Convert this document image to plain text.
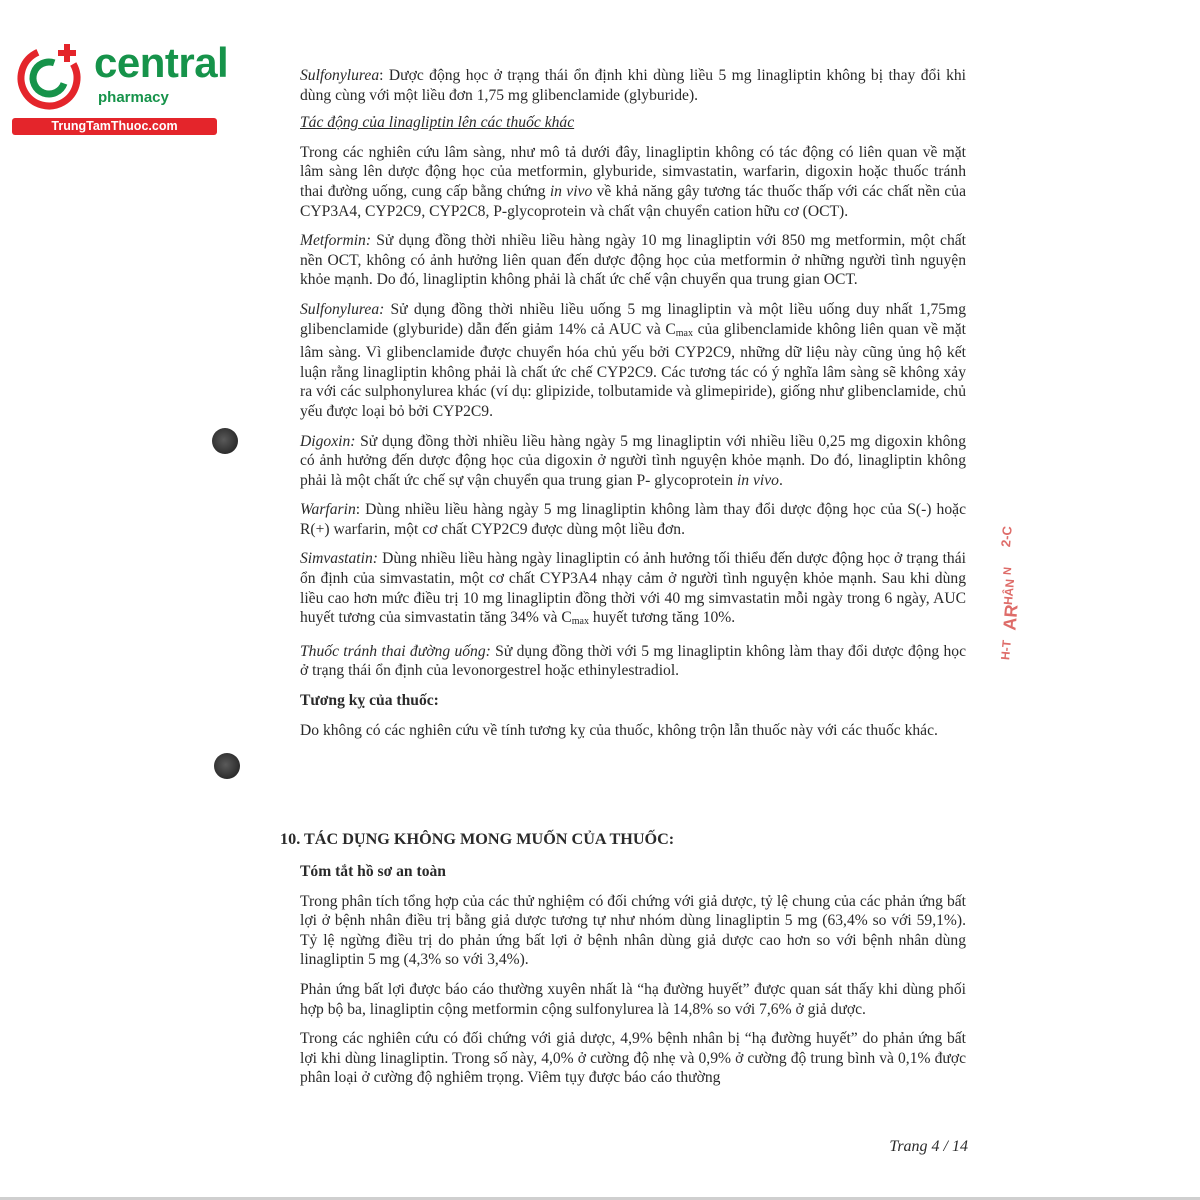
central
pharmacy
TrungTamThuoc.com
2-C
N
HÂN
AR
H-T

Sulfonylurea: Dược động học ở trạng thái ổn định khi dùng liều 5 mg linagliptin không bị thay đổi khi dùng cùng với một liều đơn 1,75 mg glibenclamide (glyburide).

Tác động của linagliptin lên các thuốc khác

Trong các nghiên cứu lâm sàng, như mô tả dưới đây, linagliptin không có tác động có liên quan về mặt lâm sàng lên dược động học của metformin, glyburide, simvastatin, warfarin, digoxin hoặc thuốc tránh thai đường uống, cung cấp bằng chứng in vivo về khả năng gây tương tác thuốc thấp với các chất nền của CYP3A4, CYP2C9, CYP2C8, P-glycoprotein và chất vận chuyển cation hữu cơ (OCT).

Metformin: Sử dụng đồng thời nhiều liều hàng ngày 10 mg linagliptin với 850 mg metformin, một chất nền OCT, không có ảnh hưởng liên quan đến dược động học của metformin ở những người tình nguyện khỏe mạnh. Do đó, linagliptin không phải là chất ức chế vận chuyển qua trung gian OCT.

Sulfonylurea: Sử dụng đồng thời nhiều liều uống 5 mg linagliptin và một liều uống duy nhất 1,75mg glibenclamide (glyburide) dẫn đến giảm 14% cả AUC và $C_{max}$ của glibenclamide không liên quan về mặt lâm sàng. Vì glibenclamide được chuyển hóa chủ yếu bởi CYP2C9, những dữ liệu này cũng ủng hộ kết luận rằng linagliptin không phải là chất ức chế CYP2C9. Các tương tác có ý nghĩa lâm sàng sẽ không xảy ra với các sulphonylurea khác (ví dụ: glipizide, tolbutamide và glimepiride), giống như glibenclamide, chủ yếu được loại bỏ bởi CYP2C9.

Digoxin: Sử dụng đồng thời nhiều liều hàng ngày 5 mg linagliptin với nhiều liều 0,25 mg digoxin không có ảnh hưởng đến dược động học của digoxin ở người tình nguyện khỏe mạnh. Do đó, linagliptin không phải là một chất ức chế sự vận chuyển qua trung gian P- glycoprotein in vivo.

Warfarin: Dùng nhiều liều hàng ngày 5 mg linagliptin không làm thay đổi dược động học của S(-) hoặc R(+) warfarin, một cơ chất CYP2C9 được dùng một liều đơn.

Simvastatin: Dùng nhiều liều hàng ngày linagliptin có ảnh hưởng tối thiểu đến dược động học ở trạng thái ổn định của simvastatin, một cơ chất CYP3A4 nhạy cảm ở người tình nguyện khỏe mạnh. Sau khi dùng liều cao hơn mức điều trị 10 mg linagliptin đồng thời với 40 mg simvastatin mỗi ngày trong 6 ngày, AUC huyết tương của simvastatin tăng 34% và $C_{max}$ huyết tương tăng 10%.

Thuốc tránh thai đường uống: Sử dụng đồng thời với 5 mg linagliptin không làm thay đổi dược động học ở trạng thái ổn định của levonorgestrel hoặc ethinylestradiol.

Tương kỵ của thuốc:

Do không có các nghiên cứu về tính tương kỵ của thuốc, không trộn lẫn thuốc này với các thuốc khác.

10. TÁC DỤNG KHÔNG MONG MUỐN CỦA THUỐC:

Tóm tắt hồ sơ an toàn

Trong phân tích tổng hợp của các thử nghiệm có đối chứng với giả dược, tỷ lệ chung của các phản ứng bất lợi ở bệnh nhân điều trị bằng giả dược tương tự như nhóm dùng linagliptin 5 mg (63,4% so với 59,1%). Tỷ lệ ngừng điều trị do phản ứng bất lợi ở bệnh nhân dùng giả dược cao hơn so với bệnh nhân dùng linagliptin 5 mg (4,3% so với 3,4%).

Phản ứng bất lợi được báo cáo thường xuyên nhất là “hạ đường huyết” được quan sát thấy khi dùng phối hợp bộ ba, linagliptin cộng metformin cộng sulfonylurea là 14,8% so với 7,6% ở giả dược.

Trong các nghiên cứu có đối chứng với giả dược, 4,9% bệnh nhân bị “hạ đường huyết” do phản ứng bất lợi khi dùng linagliptin. Trong số này, 4,0% ở cường độ nhẹ và 0,9% ở cường độ trung bình và 0,1% được phân loại ở cường độ nghiêm trọng. Viêm tụy được báo cáo thường

Trang 4 / 14
